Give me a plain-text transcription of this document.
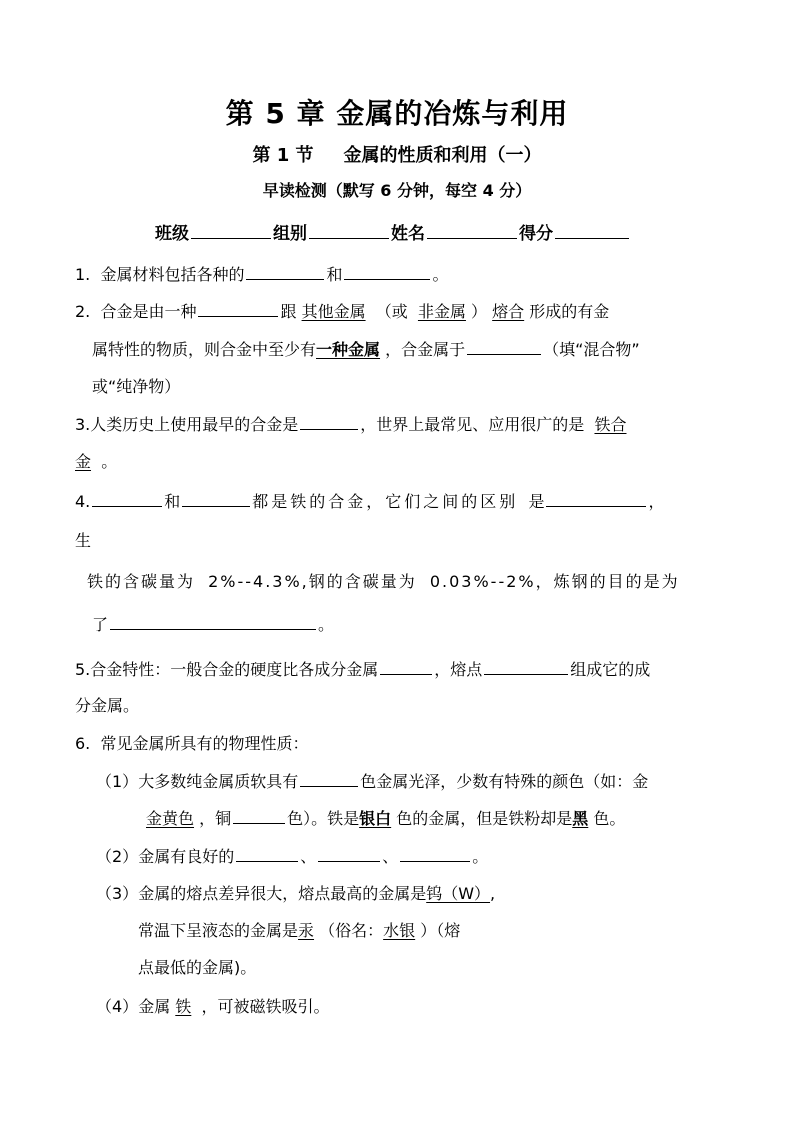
第 5 章 金属的冶炼与利用
第 1 节 金属的性质和利用（一）
早读检测（默写 6 分钟，每空 4 分）
班级	组别	姓名	得分
1. 金属材料包括各种的	和	。
2. 合金是由一种	跟 其他金属 （或 非金属 ） 熔合 形成的有金
属特性的物质，则合金中至少有一种金属 ，合金属于	（填“混合物”
或“纯净物）
3.人类历史上使用最早的合金是	，世界上最常见、应用很广的是 铁合
金 。
4.	和	都是铁的合金，它们之间的区别 是	，
生
铁的含碳量为 2%--4.3%,钢的含碳量为 0.03%--2%，炼钢的目的是为
了	。
5.合金特性：一般合金的硬度比各成分金属	，熔点	组成它的成
分金属。
6. 常见金属所具有的物理性质：
（1）大多数纯金属质软具有	色金属光泽，少数有特殊的颜色（如：金
金黄色 ，铜	色）。铁是银白 色的金属，但是铁粉却是黑 色。
（2）金属有良好的	、	、	。
（3）金属的熔点差异很大，熔点最高的金属是钨（W）,
常温下呈液态的金属是汞 （俗名：水银 ）（熔
点最低的金属)。
（4）金属 铁 ，可被磁铁吸引。
